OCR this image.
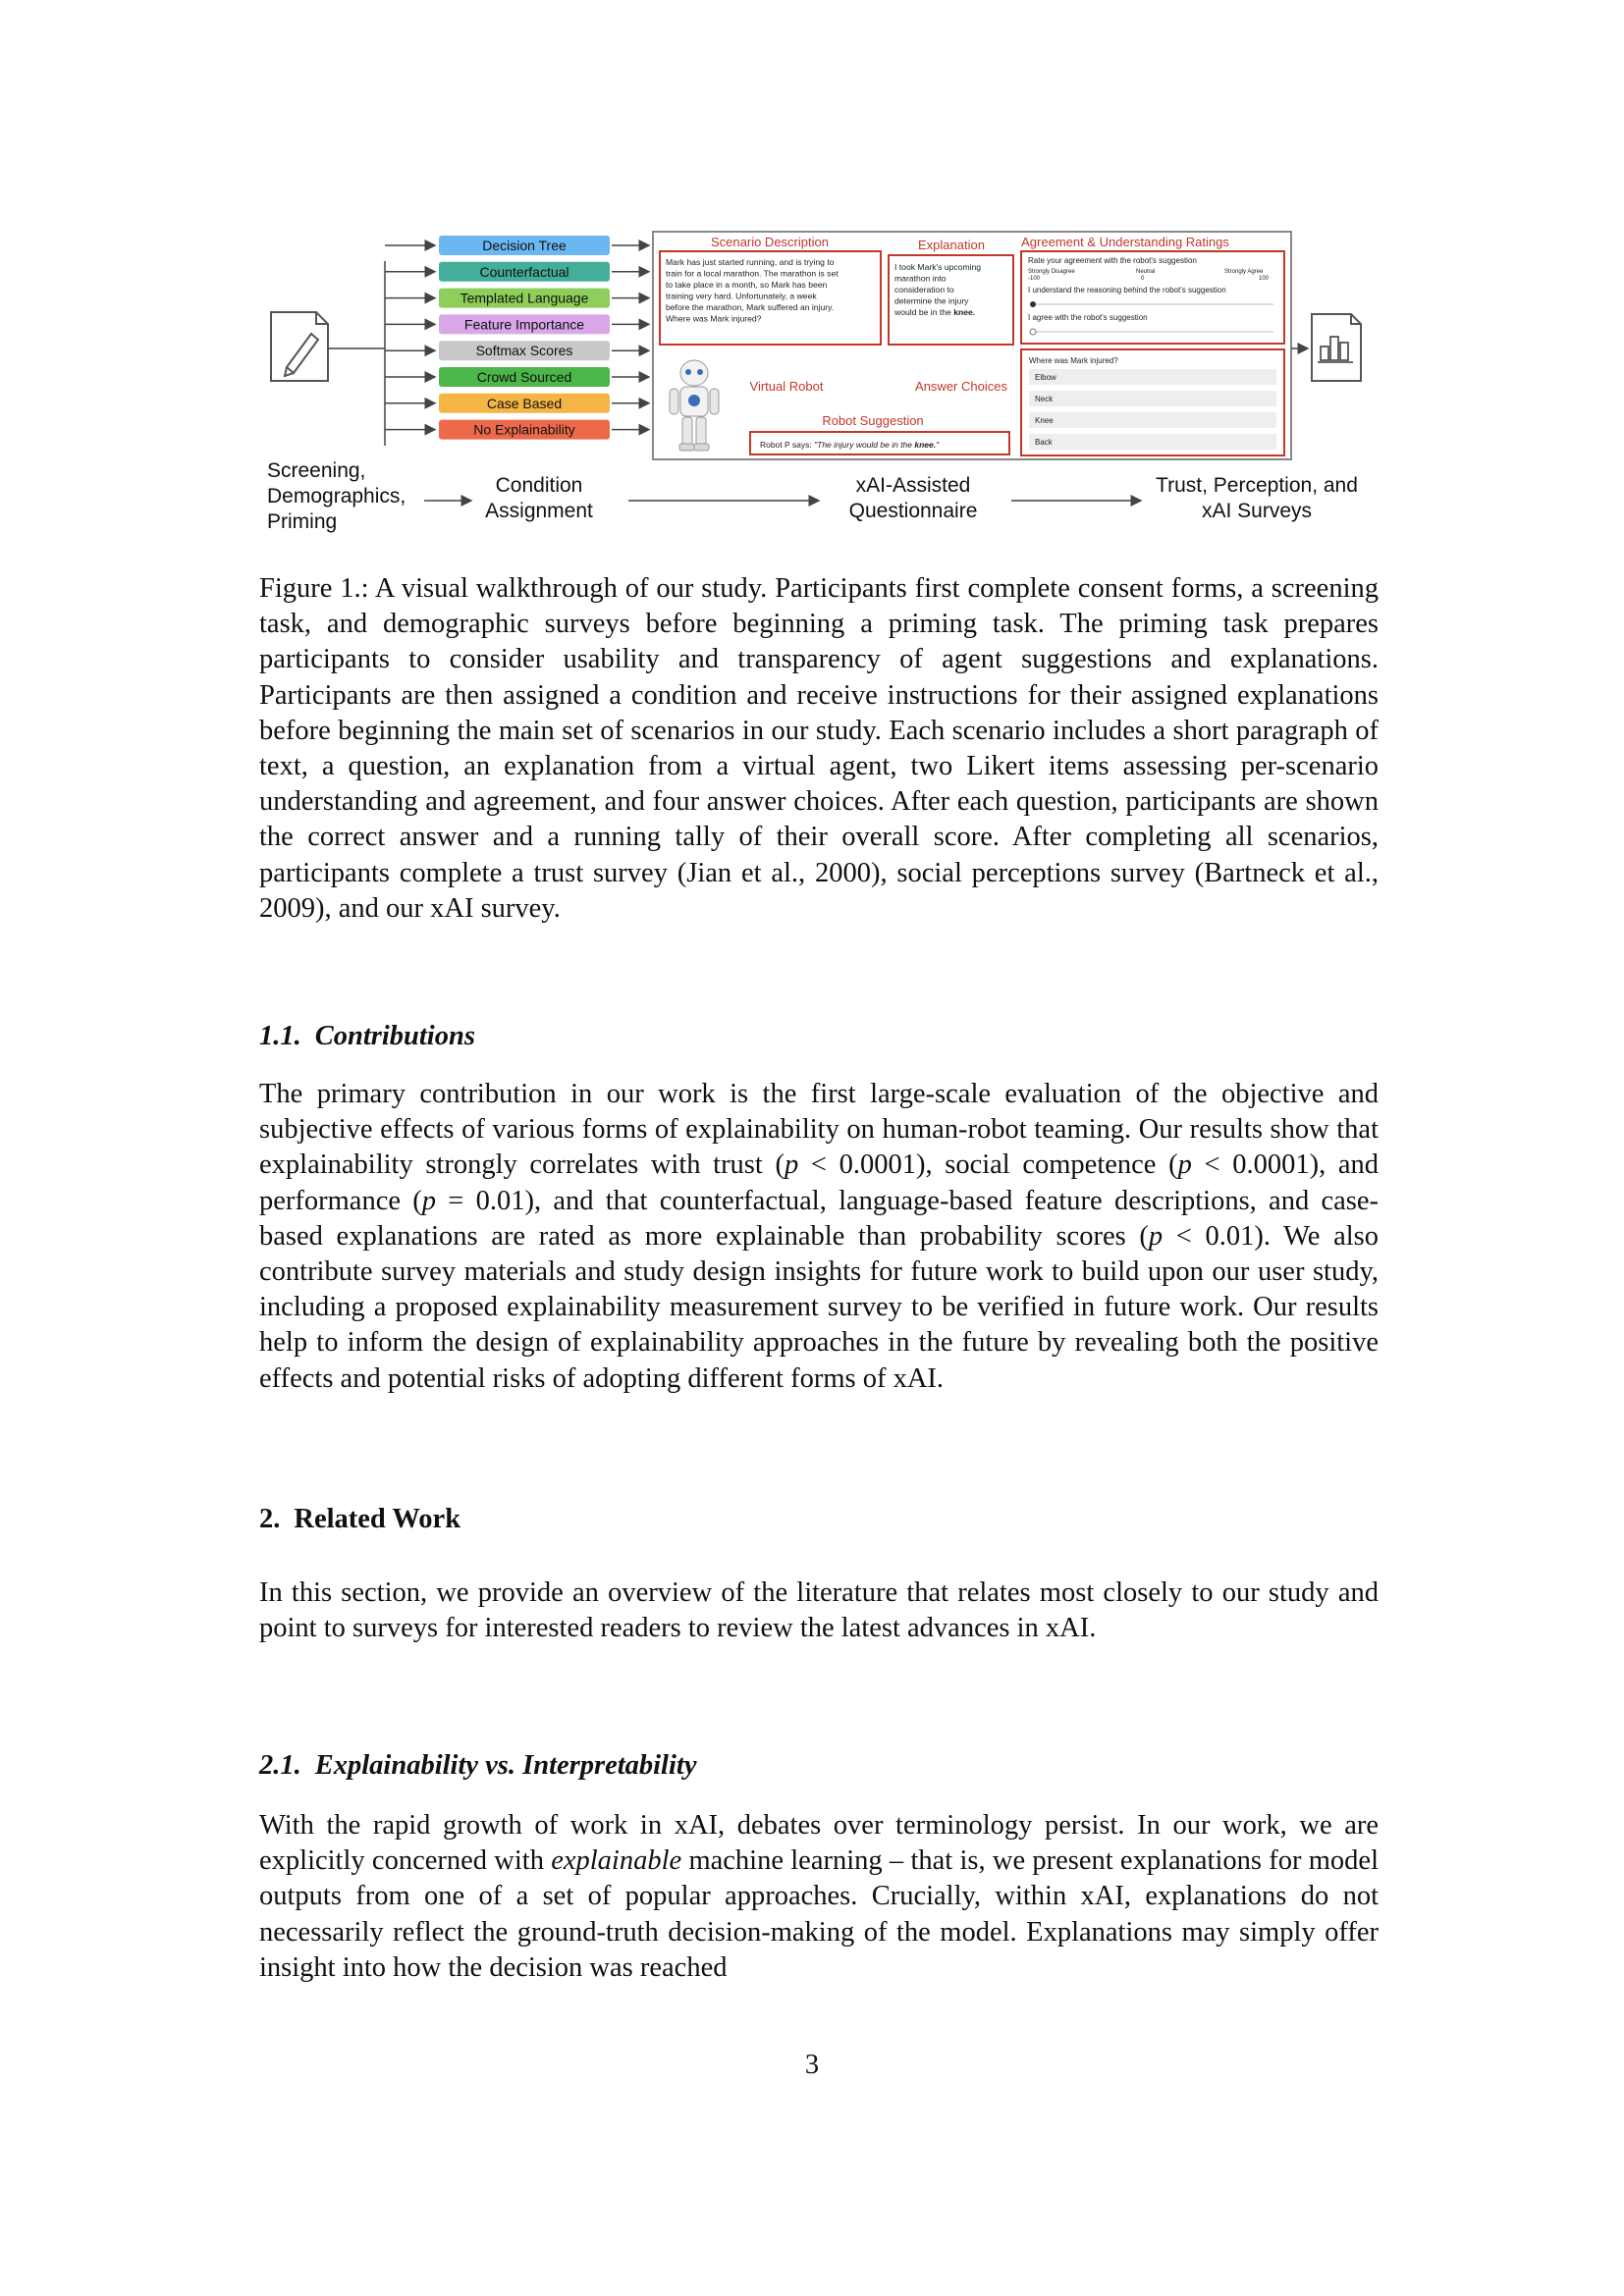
Decision Tree
Counterfactual
Templated Language
Feature Importance
Softmax Scores
Crowd Sourced
Case Based
No Explainability
Scenario Description
Mark has just started running, and is trying to
train for a local marathon. The marathon is set
to take place in a month, so Mark has been
training very hard. Unfortunately, a week
before the marathon, Mark suffered an injury.
Where was Mark injured?
Explanation
I took Mark's upcoming
marathon into
consideration to
determine the injury
would be in the knee.
Agreement & Understanding Ratings
Rate your agreement with the robot's suggestion
Strongly Disagree	Neutral	Strongly Agree
-100	0	100
I understand the reasoning behind the robot's suggestion
I agree with the robot's suggestion
Virtual Robot	Answer Choices
Robot Suggestion
Robot P says: "The injury would be in the knee."
Where was Mark injured?
Elbow
Neck
Knee
Back
Screening,
Demographics,
Priming
Condition
Assignment
xAI-Assisted
Questionnaire
Trust, Perception, and
xAI Surveys

Figure 1.: A visual walkthrough of our study. Participants first complete consent forms, a screening task, and demographic surveys before beginning a priming task. The priming task prepares participants to consider usability and transparency of agent suggestions and explanations. Participants are then assigned a condition and receive instructions for their assigned explanations before beginning the main set of scenarios in our study. Each scenario includes a short paragraph of text, a question, an explanation from a virtual agent, two Likert items assessing per-scenario understanding and agreement, and four answer choices. After each question, participants are shown the correct answer and a running tally of their overall score. After completing all scenarios, participants complete a trust survey (Jian et al., 2000), social perceptions survey (Bartneck et al., 2009), and our xAI survey.

1.1. Contributions

The primary contribution in our work is the first large-scale evaluation of the objective and subjective effects of various forms of explainability on human-robot teaming. Our results show that explainability strongly correlates with trust (p < 0.0001), social competence (p < 0.0001), and performance (p = 0.01), and that counterfactual, language-based feature descriptions, and case-based explanations are rated as more explainable than probability scores (p < 0.01). We also contribute survey materials and study design insights for future work to build upon our user study, including a proposed explainability measurement survey to be verified in future work. Our results help to inform the design of explainability approaches in the future by revealing both the positive effects and potential risks of adopting different forms of xAI.

2. Related Work

In this section, we provide an overview of the literature that relates most closely to our study and point to surveys for interested readers to review the latest advances in xAI.

2.1. Explainability vs. Interpretability

With the rapid growth of work in xAI, debates over terminology persist. In our work, we are explicitly concerned with explainable machine learning – that is, we present explanations for model outputs from one of a set of popular approaches. Crucially, within xAI, explanations do not necessarily reflect the ground-truth decision-making of the model. Explanations may simply offer insight into how the decision was reached

3
